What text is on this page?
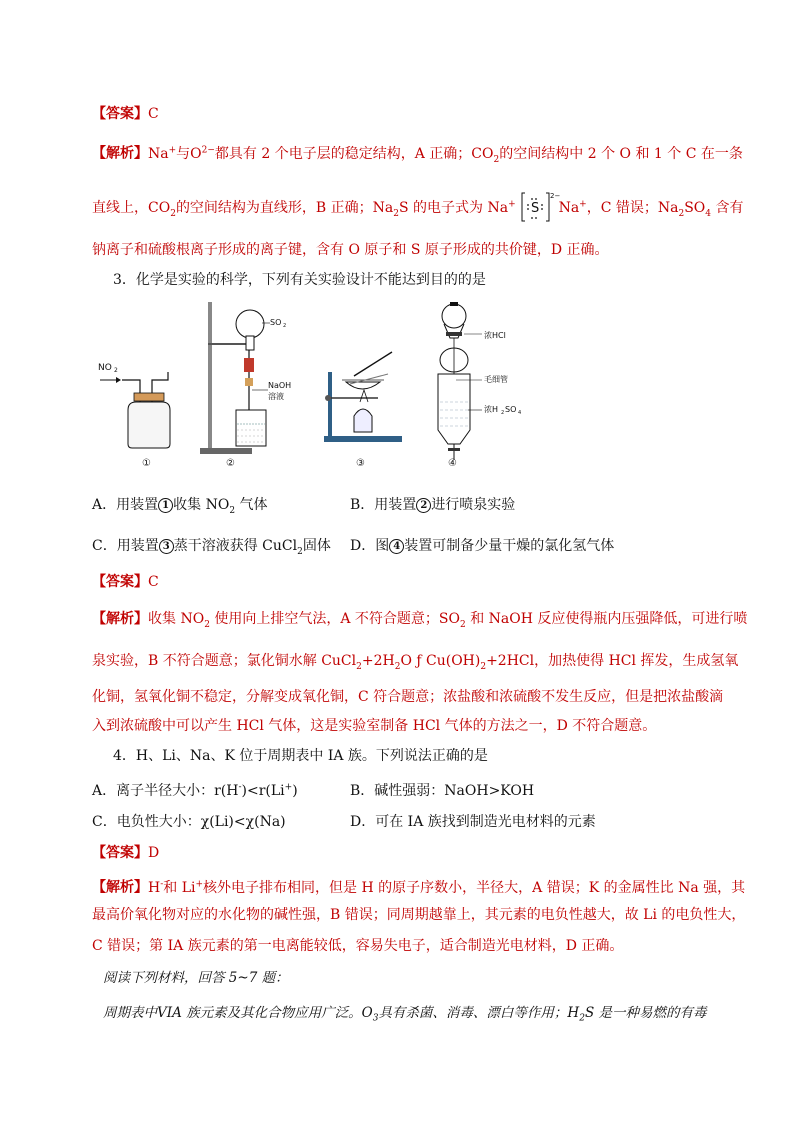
【答案】C
【解析】Na+与$O^{2-}$都具有 2 个电子层的稳定结构，A 正确；$CO_2$的空间结构中 2 个 O 和 1 个 C 在一条
直线上，$CO_2$的空间结构为直线形，B 正确；$Na_2S$ 的电子式为 Na+ S
2−
Na+，C 错误；$Na_2SO_4$ 含有
钠离子和硫酸根离子形成的离子键，含有 O 原子和 S 原子形成的共价键，D 正确。
3．化学是实验的科学，下列有关实验设计不能达到目的的是
NO 2
SO 2
NaOH
溶液
浓HCl
毛细管
浓H 2 SO 4
①	②	③	④
A．用装置 1 收集 $NO_2$ 气体	B．用装置 2 进行喷泉实验
C．用装置 3 蒸干溶液获得 CuCl$_2$固体 D．图 4 装置可制备少量干燥的氯化氢气体
【答案】C
【解析】收集 $NO_2$ 使用向上排空气法，A 不符合题意；$SO_2$ 和 NaOH 反应使得瓶内压强降低，可进行喷
泉实验，B 不符合题意；氯化铜水解 $CuCl_2+2H_2O$ ƒ $Cu(OH)_2+2HCl$，加热使得 HCl 挥发，生成氢氧
化铜，氢氧化铜不稳定，分解变成氧化铜，C 符合题意；浓盐酸和浓硫酸不发生反应，但是把浓盐酸滴
入到浓硫酸中可以产生 HCl 气体，这是实验室制备 HCl 气体的方法之一，D 不符合题意。
4．H、Li、Na、K 位于周期表中 IA 族。下列说法正确的是
A．离子半径大小：r(H-)<r(Li+)	B．碱性强弱：NaOH>KOH
C．电负性大小：χ(Li)<χ(Na)	D．可在 IA 族找到制造光电材料的元素
【答案】D
【解析】H-和 Li+核外电子排布相同，但是 H 的原子序数小，半径大，A 错误；K 的金属性比 Na 强，其
最高价氧化物对应的水化物的碱性强，B 错误；同周期越靠上，其元素的电负性越大，故 Li 的电负性大，
C 错误；第 IA 族元素的第一电离能较低，容易失电子，适合制造光电材料，D 正确。
阅读下列材料，回答 5~7 题：
周期表中VIA 族元素及其化合物应用广泛。$O_3$具有杀菌、消毒、漂白等作用；$H_2S$ 是一种易燃的有毒
